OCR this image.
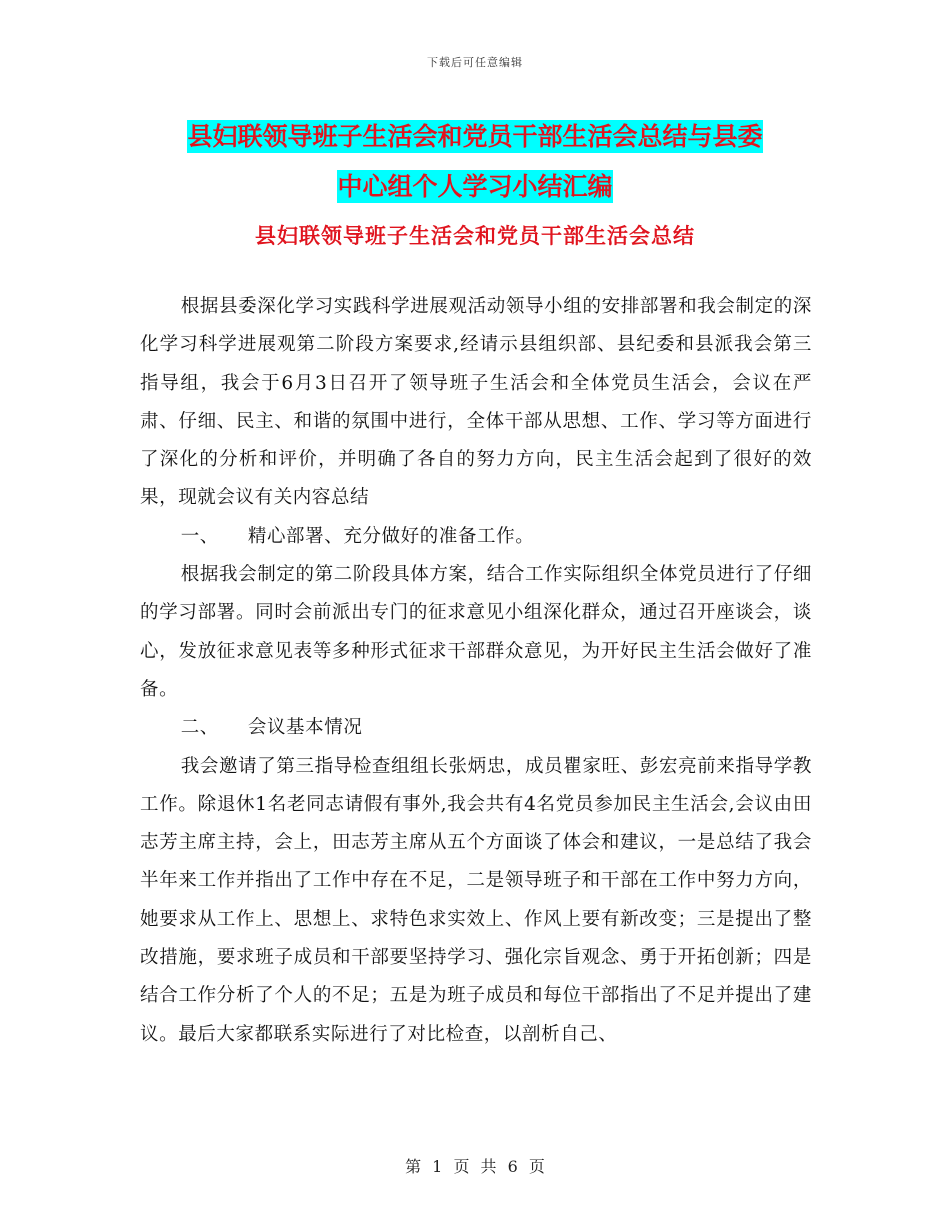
下载后可任意编辑
县妇联领导班子生活会和党员干部生活会总结与县委
中心组个人学习小结汇编
县妇联领导班子生活会和党员干部生活会总结

根据县委深化学习实践科学进展观活动领导小组的安排部署和我会制定的深化学习科学进展观第二阶段方案要求,经请示县组织部、县纪委和县派我会第三指导组，我会于6月3日召开了领导班子生活会和全体党员生活会，会议在严肃、仔细、民主、和谐的氛围中进行，全体干部从思想、工作、学习等方面进行了深化的分析和评价，并明确了各自的努力方向，民主生活会起到了很好的效果，现就会议有关内容总结

一、　　精心部署、充分做好的准备工作。

根据我会制定的第二阶段具体方案，结合工作实际组织全体党员进行了仔细的学习部署。同时会前派出专门的征求意见小组深化群众，通过召开座谈会，谈心，发放征求意见表等多种形式征求干部群众意见，为开好民主生活会做好了准备。

二、　　会议基本情况

我会邀请了第三指导检查组组长张炳忠，成员瞿家旺、彭宏亮前来指导学教工作。除退休1名老同志请假有事外,我会共有4名党员参加民主生活会,会议由田志芳主席主持，会上，田志芳主席从五个方面谈了体会和建议，一是总结了我会半年来工作并指出了工作中存在不足，二是领导班子和干部在工作中努力方向，她要求从工作上、思想上、求特色求实效上、作风上要有新改变；三是提出了整改措施，要求班子成员和干部要坚持学习、强化宗旨观念、勇于开拓创新；四是结合工作分析了个人的不足；五是为班子成员和每位干部指出了不足并提出了建议。最后大家都联系实际进行了对比检查，以剖析自己、

第 1 页 共 6 页
